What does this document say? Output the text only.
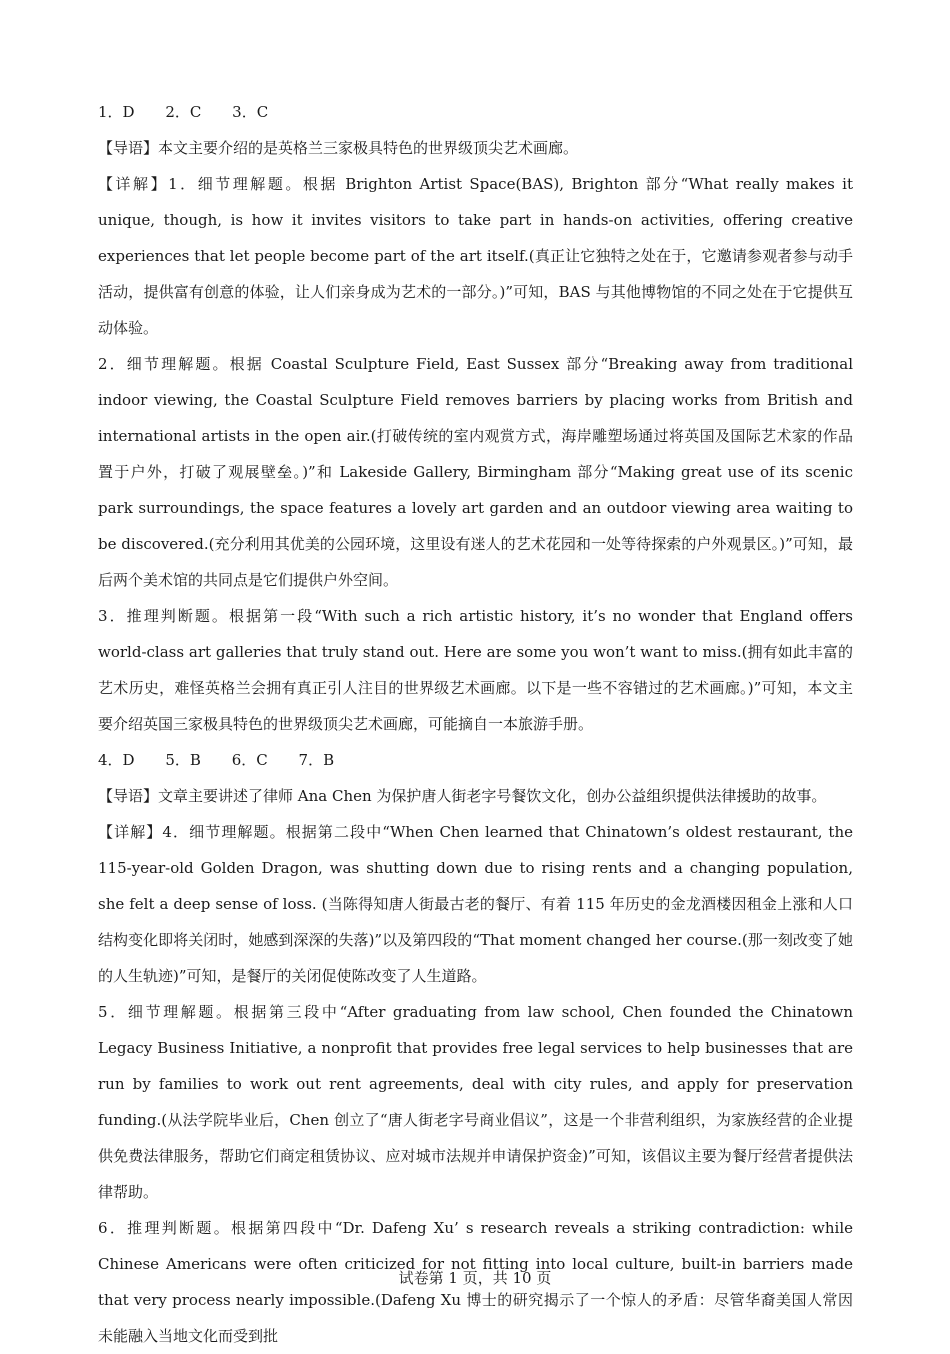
1．D 2．C 3．C

【导语】本文主要介绍的是英格兰三家极具特色的世界级顶尖艺术画廊。

【详解】1．细节理解题。根据 Brighton Artist Space(BAS), Brighton 部分“What really makes it unique, though, is how it invites visitors to take part in hands-on activities, offering creative experiences that let people become part of the art itself.(真正让它独特之处在于，它邀请参观者参与动手活动，提供富有创意的体验，让人们亲身成为艺术的一部分。)”可知，BAS 与其他博物馆的不同之处在于它提供互动体验。

2．细节理解题。根据 Coastal Sculpture Field, East Sussex 部分“Breaking away from traditional indoor viewing, the Coastal Sculpture Field removes barriers by placing works from British and international artists in the open air.(打破传统的室内观赏方式，海岸雕塑场通过将英国及国际艺术家的作品置于户外，打破了观展壁垒。)”和 Lakeside Gallery, Birmingham 部分“Making great use of its scenic park surroundings, the space features a lovely art garden and an outdoor viewing area waiting to be discovered.(充分利用其优美的公园环境，这里设有迷人的艺术花园和一处等待探索的户外观景区。)”可知，最后两个美术馆的共同点是它们提供户外空间。

3．推理判断题。根据第一段“With such a rich artistic history, it’s no wonder that England offers world-class art galleries that truly stand out. Here are some you won’t want to miss.(拥有如此丰富的艺术历史，难怪英格兰会拥有真正引人注目的世界级艺术画廊。以下是一些不容错过的艺术画廊。)”可知，本文主要介绍英国三家极具特色的世界级顶尖艺术画廊，可能摘自一本旅游手册。

4．D 5．B 6．C 7．B

【导语】文章主要讲述了律师 Ana Chen 为保护唐人街老字号餐饮文化，创办公益组织提供法律援助的故事。

【详解】4．细节理解题。根据第二段中“When Chen learned that Chinatown’s oldest restaurant, the 115-year-old Golden Dragon, was shutting down due to rising rents and a changing population, she felt a deep sense of loss. (当陈得知唐人街最古老的餐厅、有着 115 年历史的金龙酒楼因租金上涨和人口结构变化即将关闭时，她感到深深的失落)”以及第四段的“That moment changed her course.(那一刻改变了她的人生轨迹)”可知，是餐厅的关闭促使陈改变了人生道路。

5．细节理解题。根据第三段中“After graduating from law school, Chen founded the Chinatown Legacy Business Initiative, a nonprofit that provides free legal services to help businesses that are run by families to work out rent agreements, deal with city rules, and apply for preservation funding.(从法学院毕业后，Chen 创立了“唐人街老字号商业倡议”，这是一个非营利组织，为家族经营的企业提供免费法律服务，帮助它们商定租赁协议、应对城市法规并申请保护资金)”可知，该倡议主要为餐厅经营者提供法律帮助。

6．推理判断题。根据第四段中“Dr. Dafeng Xu’ s research reveals a striking contradiction: while Chinese Americans were often criticized for not fitting into local culture, built-in barriers made that very process nearly impossible.(Dafeng Xu 博士的研究揭示了一个惊人的矛盾：尽管华裔美国人常因未能融入当地文化而受到批

试卷第 1 页，共 10 页
